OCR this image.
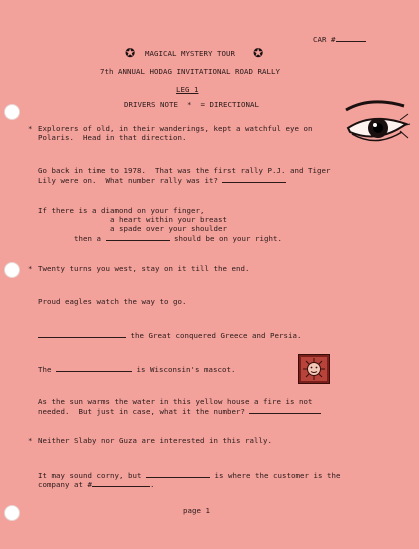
CAR #
✪ MAGICAL MYSTERY TOUR ✪
7th ANNUAL HODAG INVITATIONAL ROAD RALLY
LEG 1
DRIVERS NOTE  *  = DIRECTIONAL
* Explorers of old, in their wanderings, kept a watchful eye on
Polaris.  Head in that direction.
Go back in time to 1978.  That was the first rally P.J. and Tiger
Lily were on.  What number rally was it?
If there is a diamond on your finger,
a heart within your breast
a spade over your shoulder
then a	should be on your right.
* Twenty turns you west, stay on it till the end.
Proud eagles watch the way to go.
the Great conquered Greece and Persia.
The	is Wisconsin's mascot.
As the sun warms the water in this yellow house a fire is not
needed.  But just in case, what it the number?
* Neither Slaby nor Guza are interested in this rally.
It may sound corny, but	is where the customer is the
company at #	.
page 1
